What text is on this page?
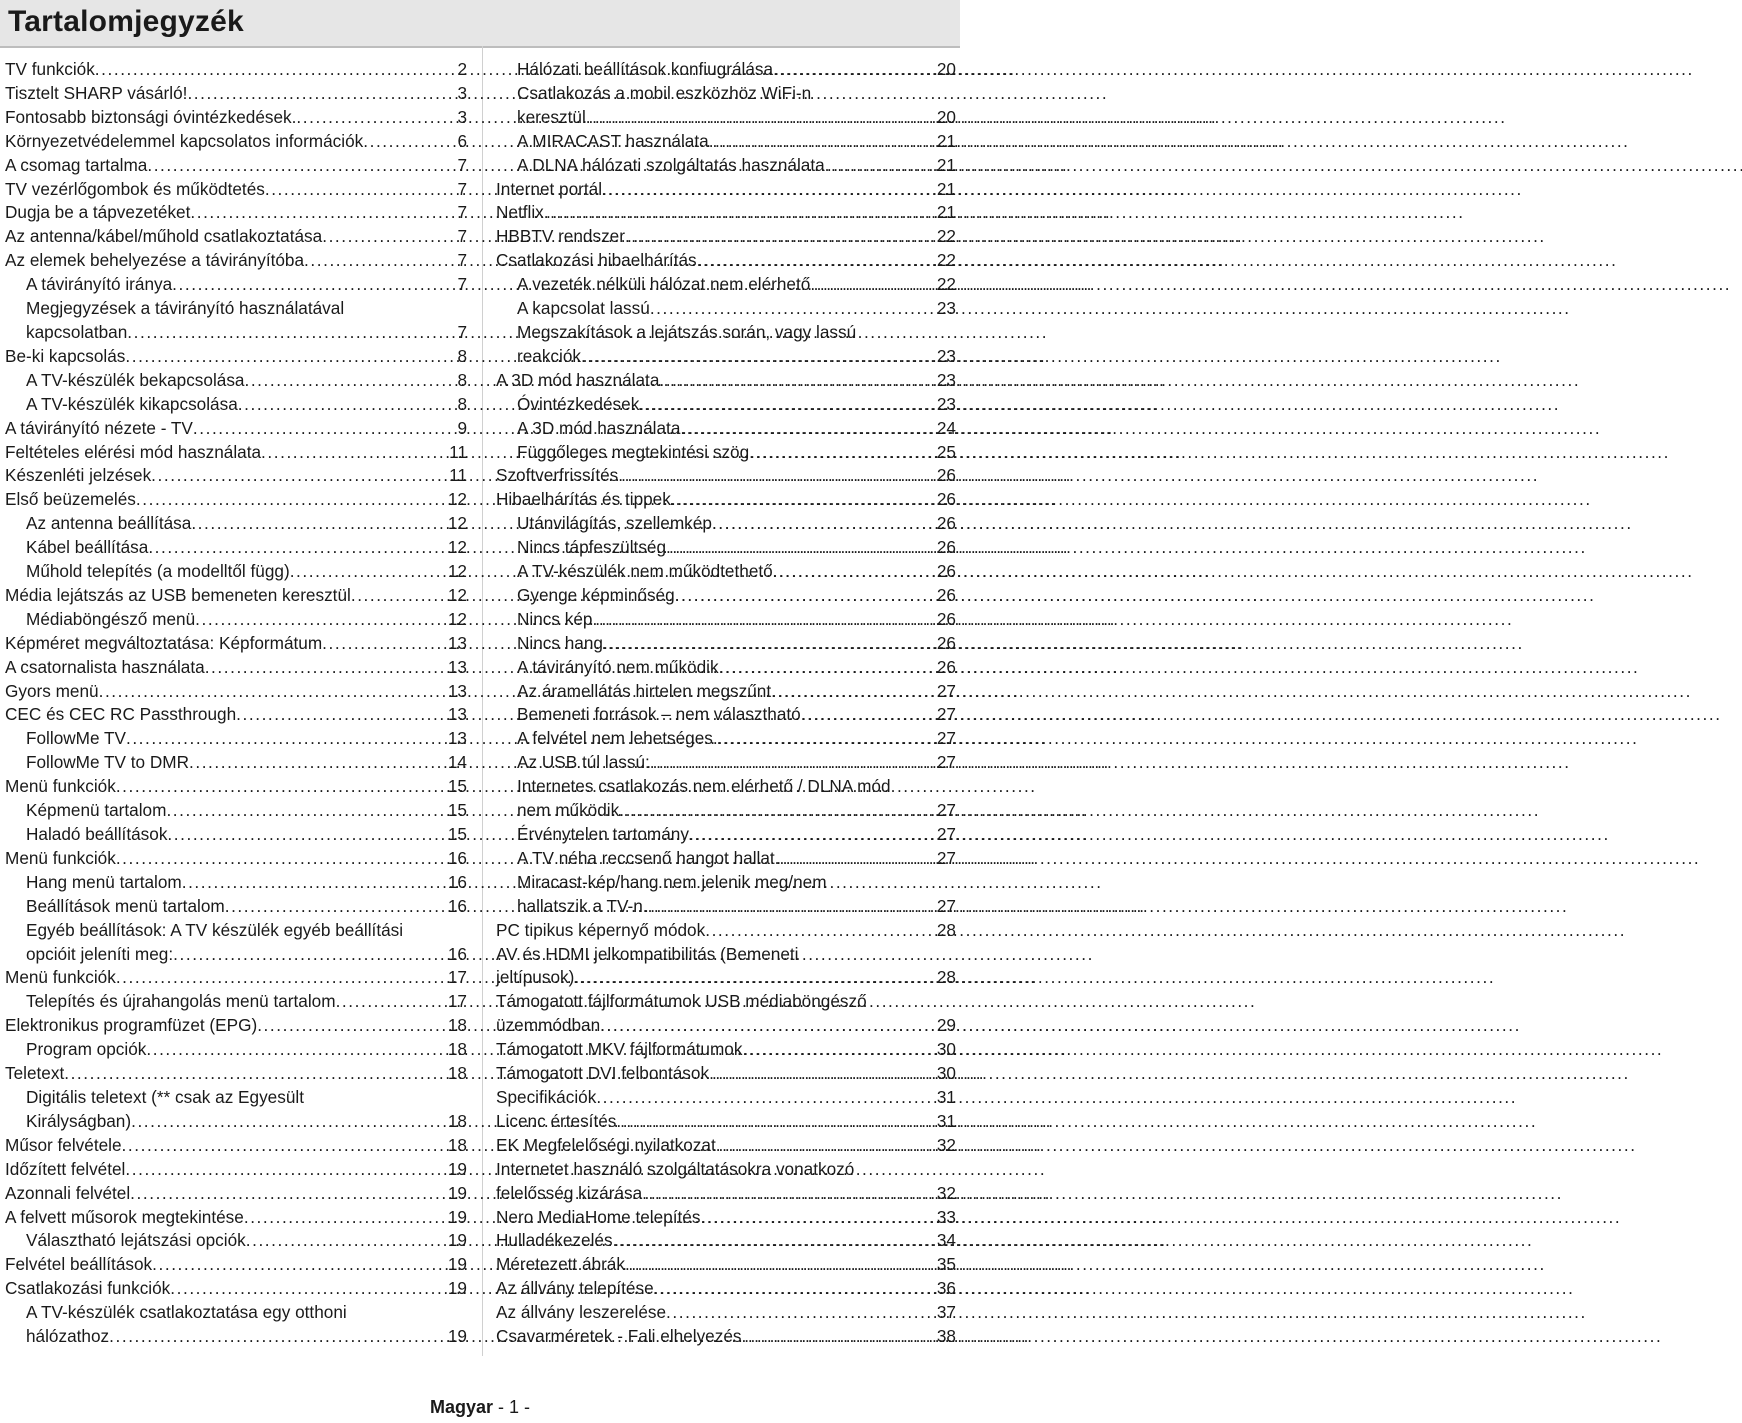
Tartalomjegyzék
TV funkciók . . .	2
Tisztelt SHARP vásárló! . . .	3
Fontosabb biztonsági óvintézkedések. . . .	3
Környezetvédelemmel kapcsolatos információk . . .	6
A csomag tartalma . . .	7
TV vezérlőgombok és működtetés . . .	7
Dugja be a tápvezetéket . . .	7
Az antenna/kábel/műhold csatlakoztatása . . .	7
Az elemek behelyezése a távirányítóba . . .	7
A távirányító iránya . . .	7
Megjegyzések a távirányító használatával
kapcsolatban . . .	7
Be-ki kapcsolás . . .	8
A TV-készülék bekapcsolása . . .	8
A TV-készülék kikapcsolása . . .	8
A távirányító nézete - TV . . .	9
Feltételes elérési mód használata . . .	11
Készenléti jelzések . . .	11
Első beüzemelés . . .	12
Az antenna beállítása . . .	12
Kábel beállítása . . .	12
Műhold telepítés (a modelltől függ) . . .	12
Média lejátszás az USB bemeneten keresztül . . .	12
Médiaböngésző menü . . .	12
Képméret megváltoztatása: Képformátum . . .	13
A csatornalista használata . . .	13
Gyors menü . . .	13
CEC és CEC RC Passthrough . . .	13
FollowMe TV . . .	13
FollowMe TV to DMR . . .	14
Menü funkciók . . .	15
Képmenü tartalom . . .	15
Haladó beállítások . . .	15
Menü funkciók . . .	16
Hang menü tartalom . . .	16
Beállítások menü tartalom . . .	16
Egyéb beállítások: A TV készülék egyéb beállítási
opcióit jeleníti meg: . . .	16
Menü funkciók . . .	17
Telepítés és újrahangolás menü tartalom . . .	17
Elektronikus programfüzet (EPG) . . .	18
Program opciók . . .	18
Teletext . . .	18
Digitális teletext (** csak az Egyesült
Királyságban) . . .	18
Műsor felvétele . . .	18
Időzített felvétel . . .	19
Azonnali felvétel . . .	19
A felvett műsorok megtekintése . . .	19
Választható lejátszási opciók . . .	19
Felvétel beállítások . . .	19
Csatlakozási funkciók . . .	19
A TV-készülék csatlakoztatása egy otthoni
hálózathoz . . .	19
Hálózati beállítások konfiugrálása . . .	20
Csatlakozás a mobil eszközhöz WiFi-n
keresztül . . .	20
A MIRACAST használata . . .	21
A DLNA hálózati szolgáltatás használata . . .	21
Internet portál . . .	21
Netflix . . .	21
HBBTV rendszer . . .	22
Csatlakozási hibaelhárítás . . .	22
A vezeték nélküli hálózat nem elérhető . . .	22
A kapcsolat lassú . . .	23
Megszakítások a lejátszás során, vagy lassú
reakciók . . .	23
A 3D mód használata . . .	23
Óvintézkedések . . .	23
A 3D mód használata . . .	24
Függőleges megtekintési szög . . .	25
Szoftverfrissítés . . .	26
Hibaelhárítás és tippek . . .	26
Utánvilágítás, szellemkép . . .	26
Nincs tápfeszültség . . .	26
A TV-készülék nem működtethető . . .	26
Gyenge képminőség . . .	26
Nincs kép . . .	26
Nincs hang . . .	26
A távirányító nem működik . . .	26
Az áramellátás hirtelen megszűnt . . .	27
Bemeneti források – nem választható . . .	27
A felvétel nem lehetséges. . . .	27
Az USB túl lassú: . . .	27
Internetes csatlakozás nem elérhető / DLNA mód
nem működik . . .	27
Érvénytelen tartomány . . .	27
A TV néha reccsenő hangot hallat. . . .	27
Miracast-kép/hang nem jelenik meg/nem
hallatszik a TV-n. . . .	27
PC tipikus képernyő módok . . .	28
AV és HDMI jelkompatibilitás (Bemeneti
jeltípusok) . . .	28
Támogatott fájlformátumok USB médiaböngésző
üzemmódban . . .	29
Támogatott MKV fájlformátumok . . .	30
Támogatott DVI felbontások . . .	30
Specifikációk . . .	31
Licenc értesítés . . .	31
EK Megfelelőségi nyilatkozat . . .	32
Internetet használó szolgáltatásokra vonatkozó
felelősség kizárása . . .	32
Nero MediaHome telepítés . . .	33
Hulladékezelés . . .	34
Méretezett ábrák . . .	35
Az állvány telepítése . . .	36
Az állvány leszerelése . . .	37
Csavarméretek - Fali elhelyezés . . .	38
Magyar - 1 -
